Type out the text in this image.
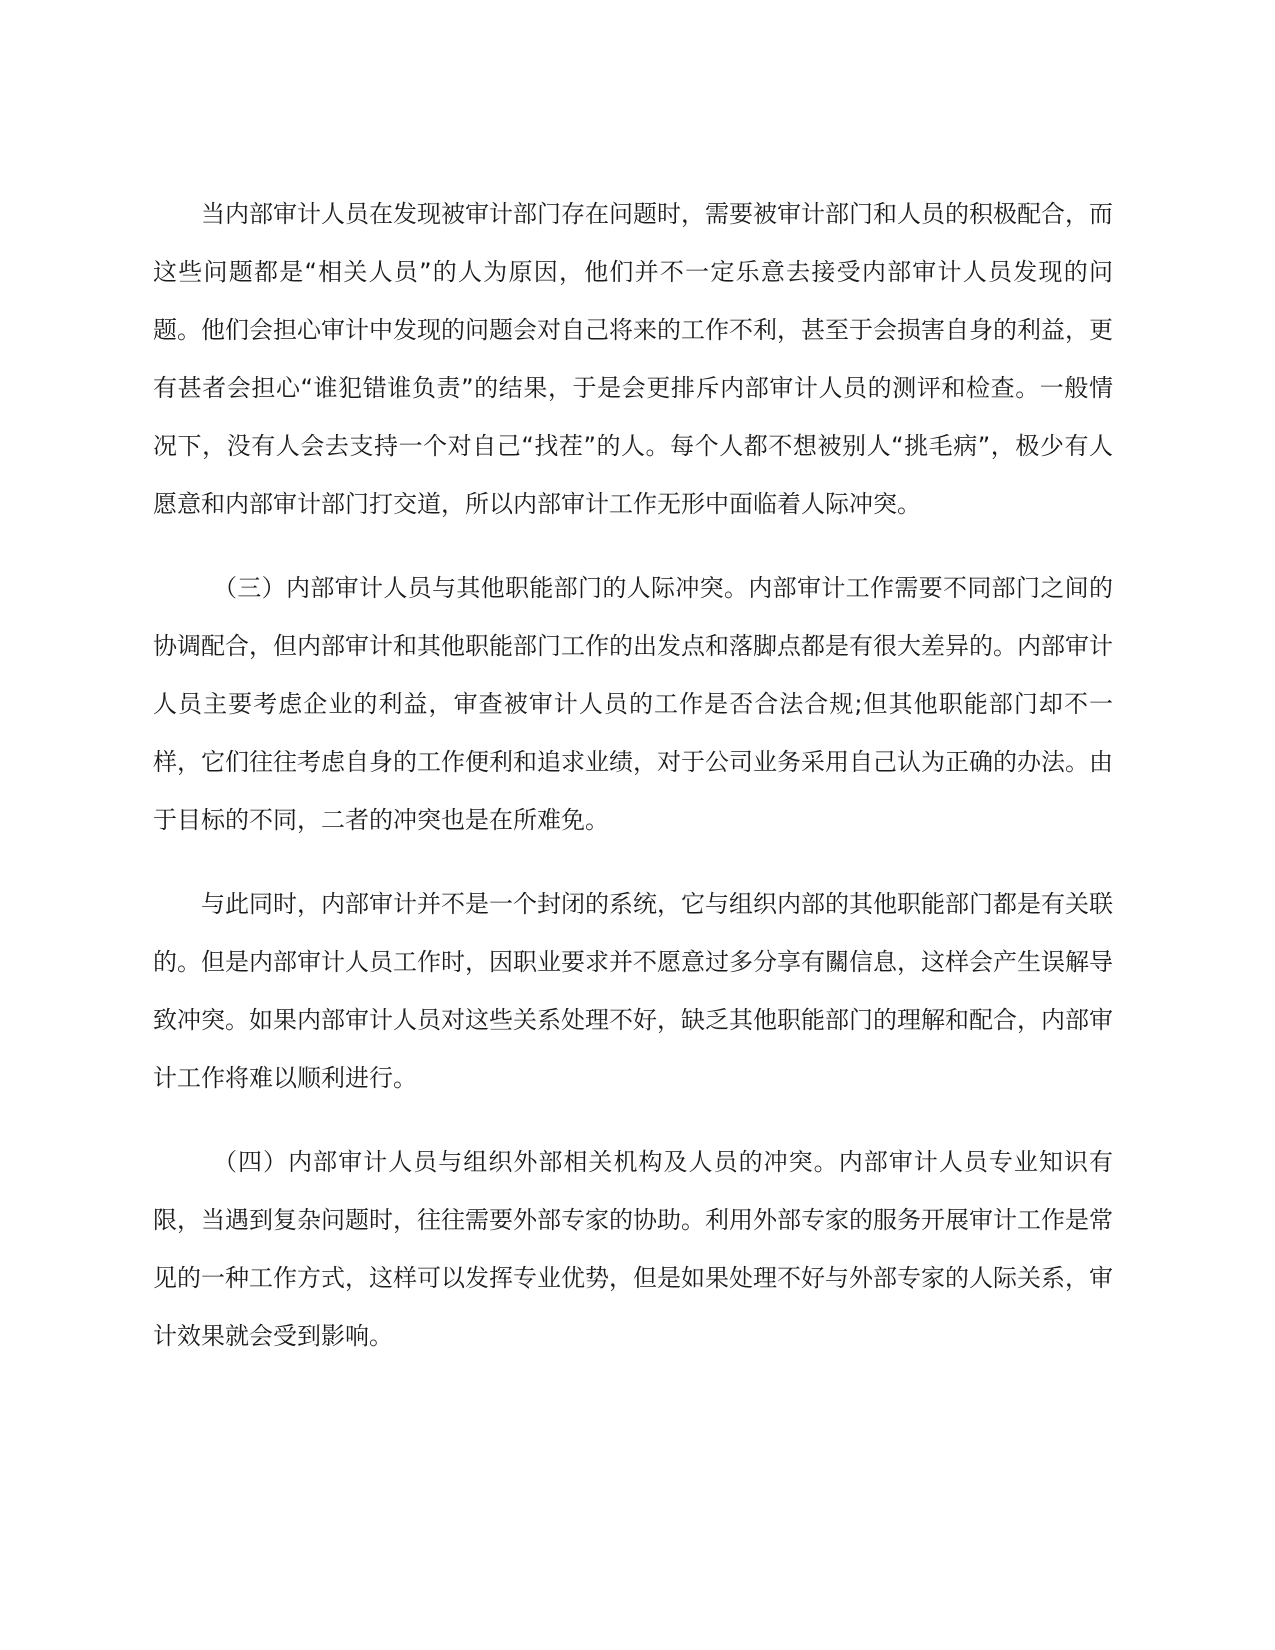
当内部审计人员在发现被审计部门存在问题时，需要被审计部门和人员的积极配合，而这些问题都是“相关人员”的人为原因，他们并不一定乐意去接受内部审计人员发现的问题。他们会担心审计中发现的问题会对自己将来的工作不利，甚至于会损害自身的利益，更有甚者会担心“谁犯错谁负责”的结果，于是会更排斥内部审计人员的测评和检查。一般情况下，没有人会去支持一个对自己“找茬”的人。每个人都不想被别人“挑毛病”，极少有人愿意和内部审计部门打交道，所以内部审计工作无形中面临着人际冲突。

（三）内部审计人员与其他职能部门的人际冲突。内部审计工作需要不同部门之间的协调配合，但内部审计和其他职能部门工作的出发点和落脚点都是有很大差异的。内部审计人员主要考虑企业的利益，审查被审计人员的工作是否合法合规;但其他职能部门却不一样，它们往往考虑自身的工作便利和追求业绩，对于公司业务采用自己认为正确的办法。由于目标的不同，二者的冲突也是在所难免。

与此同时，内部审计并不是一个封闭的系统，它与组织内部的其他职能部门都是有关联的。但是内部审计人员工作时，因职业要求并不愿意过多分享有關信息，这样会产生误解导致冲突。如果内部审计人员对这些关系处理不好，缺乏其他职能部门的理解和配合，内部审计工作将难以顺利进行。

（四）内部审计人员与组织外部相关机构及人员的冲突。内部审计人员专业知识有限，当遇到复杂问题时，往往需要外部专家的协助。利用外部专家的服务开展审计工作是常见的一种工作方式，这样可以发挥专业优势，但是如果处理不好与外部专家的人际关系，审计效果就会受到影响。
